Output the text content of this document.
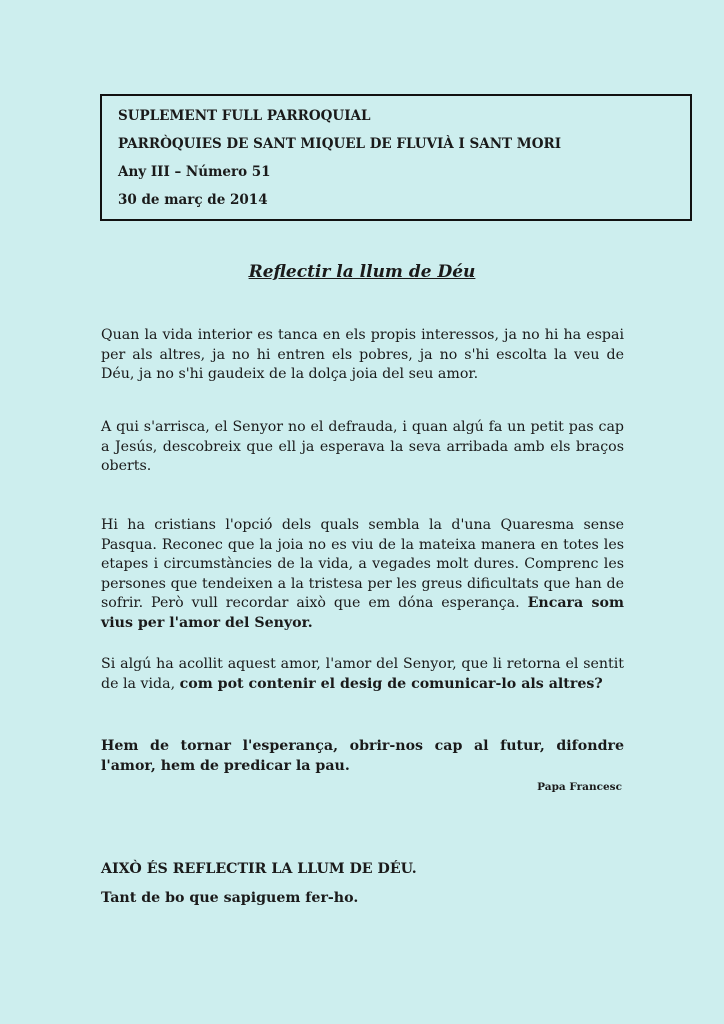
SUPLEMENT FULL PARROQUIAL
PARRÒQUIES DE SANT MIQUEL DE FLUVIÀ I SANT MORI
Any III – Número 51
30 de març de 2014
Reflectir la llum de Déu
Quan la vida interior es tanca en els propis interessos, ja no hi ha espai per als altres, ja no hi entren els pobres, ja no s'hi escolta la veu de Déu, ja no s'hi gaudeix de la dolça joia del seu amor.
A qui s'arrisca, el Senyor no el defrauda, i quan algú fa un petit pas cap a Jesús, descobreix que ell ja esperava la seva arribada amb els braços oberts.
Hi ha cristians l'opció dels quals sembla la d'una Quaresma sense Pasqua. Reconec que la joia no es viu de la mateixa manera en totes les etapes i circumstàncies de la vida, a vegades molt dures. Comprenc les persones que tendeixen a la tristesa per les greus dificultats que han de sofrir. Però vull recordar això que em dóna esperança. Encara som vius per l'amor del Senyor.
Si algú ha acollit aquest amor, l'amor del Senyor, que li retorna el sentit de la vida, com pot contenir el desig de comunicar-lo als altres?
Hem de tornar l'esperança, obrir-nos cap al futur, difondre l'amor, hem de predicar la pau.
Papa Francesc
AIXÒ ÉS REFLECTIR LA LLUM DE DÉU.
Tant de bo que sapiguem fer-ho.
